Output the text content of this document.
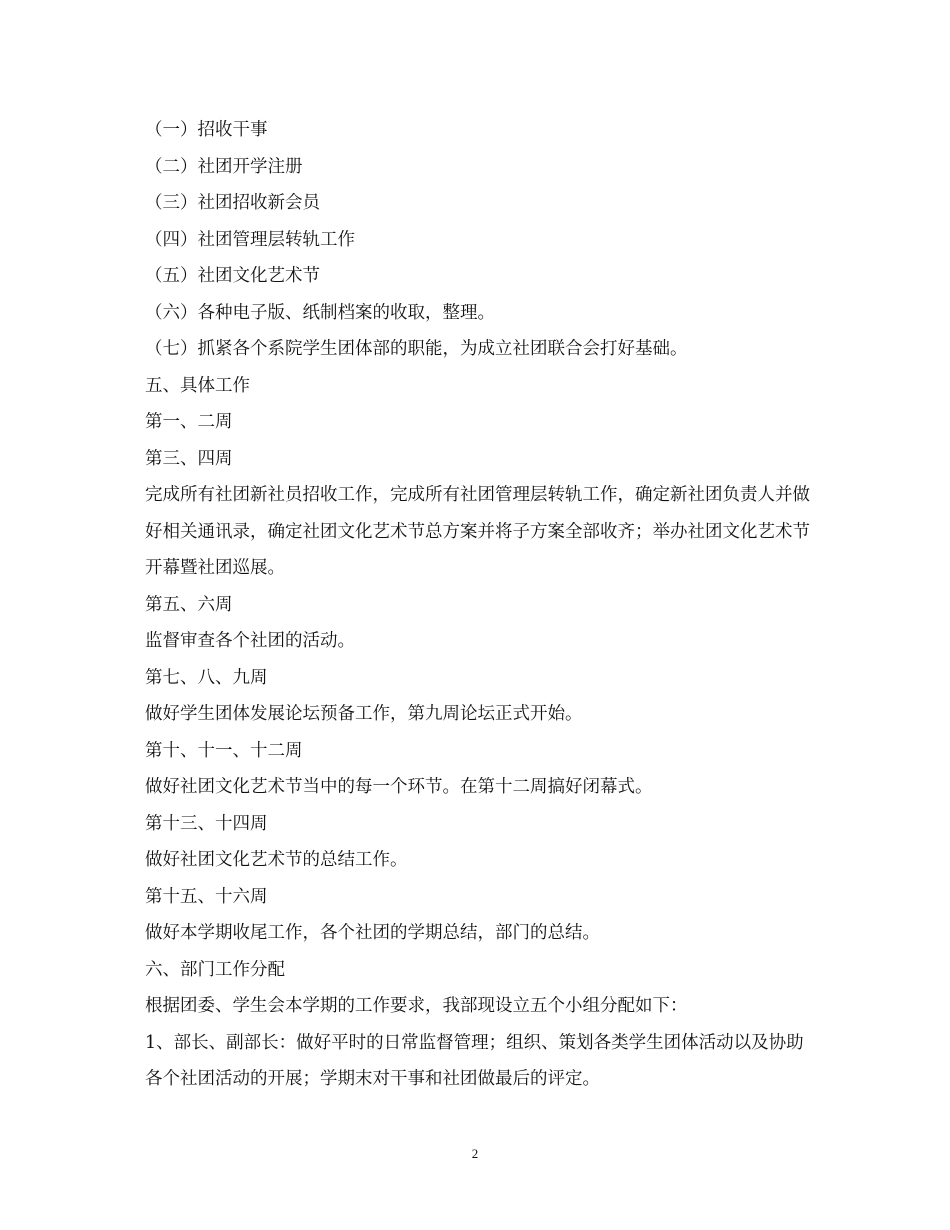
（一）招收干事
（二）社团开学注册
（三）社团招收新会员
（四）社团管理层转轨工作
（五）社团文化艺术节
（六）各种电子版、纸制档案的收取，整理。
（七）抓紧各个系院学生团体部的职能，为成立社团联合会打好基础。
五、具体工作
第一、二周
第三、四周
完成所有社团新社员招收工作，完成所有社团管理层转轨工作，确定新社团负责人并做好相关通讯录，确定社团文化艺术节总方案并将子方案全部收齐；举办社团文化艺术节开幕暨社团巡展。
第五、六周
监督审查各个社团的活动。
第七、八、九周
做好学生团体发展论坛预备工作，第九周论坛正式开始。
第十、十一、十二周
做好社团文化艺术节当中的每一个环节。在第十二周搞好闭幕式。
第十三、十四周
做好社团文化艺术节的总结工作。
第十五、十六周
做好本学期收尾工作，各个社团的学期总结，部门的总结。
六、部门工作分配
根据团委、学生会本学期的工作要求，我部现设立五个小组分配如下：
1、部长、副部长：做好平时的日常监督管理；组织、策划各类学生团体活动以及协助各个社团活动的开展；学期末对干事和社团做最后的评定。
2
